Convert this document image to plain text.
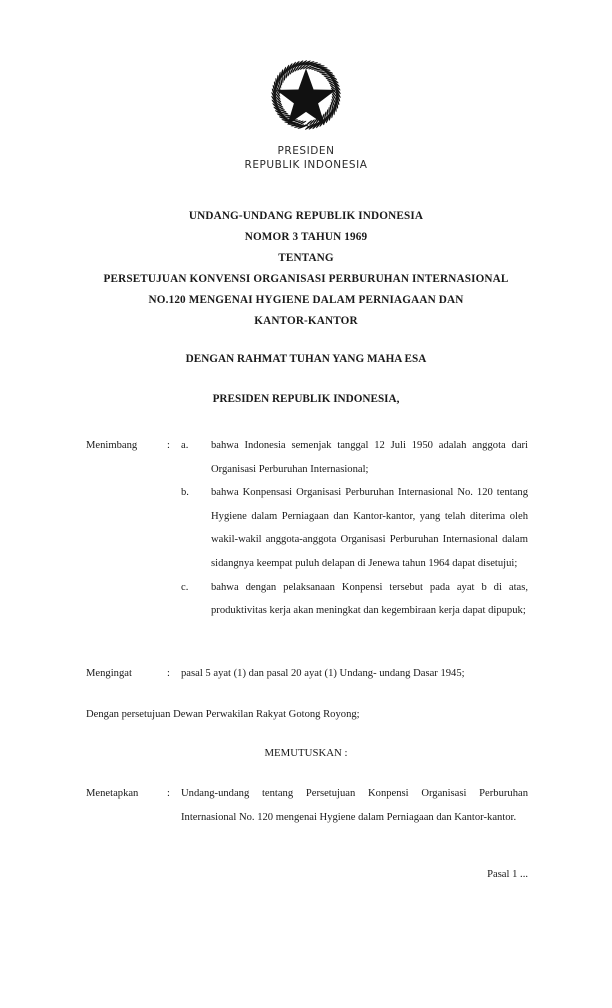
PRESIDEN
REPUBLIK INDONESIA
UNDANG-UNDANG REPUBLIK INDONESIA
NOMOR 3 TAHUN 1969
TENTANG
PERSETUJUAN KONVENSI ORGANISASI PERBURUHAN INTERNASIONAL
NO.120 MENGENAI HYGIENE DALAM PERNIAGAAN DAN
KANTOR-KANTOR
DENGAN RAHMAT TUHAN YANG MAHA ESA
PRESIDEN REPUBLIK INDONESIA,
Menimbang	:	a.	bahwa Indonesia semenjak tanggal 12 Juli 1950 adalah anggota dari Organisasi Perburuhan Internasional;
b.	bahwa Konpensasi Organisasi Perburuhan Internasional No. 120 tentang Hygiene dalam Perniagaan dan Kantor-kantor, yang telah diterima oleh wakil-wakil anggota-anggota Organisasi Perburuhan Internasional dalam sidangnya keempat puluh delapan di Jenewa tahun 1964 dapat disetujui;
c.	bahwa dengan pelaksanaan Konpensi tersebut pada ayat b di atas, produktivitas kerja akan meningkat dan kegembiraan kerja dapat dipupuk;
Mengingat	:	pasal 5 ayat (1) dan pasal 20 ayat (1) Undang- undang Dasar 1945;
Dengan persetujuan Dewan Perwakilan Rakyat Gotong Royong;
MEMUTUSKAN :
Menetapkan	:	Undang-undang tentang Persetujuan Konpensi Organisasi Perburuhan Internasional No. 120 mengenai Hygiene dalam Perniagaan dan Kantor-kantor.
Pasal 1 ...
